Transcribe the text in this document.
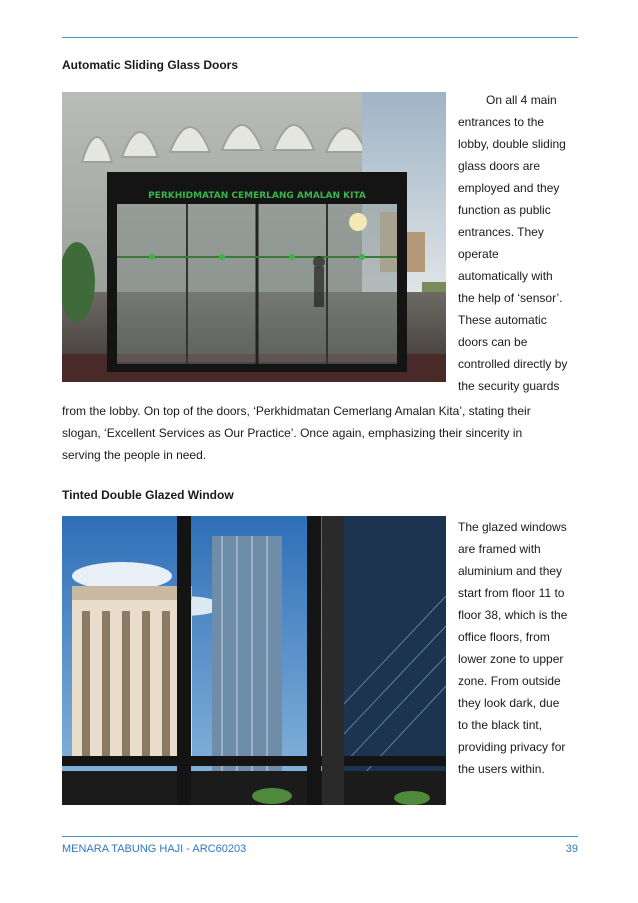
Automatic Sliding Glass Doors
PERKHIDMATAN CEMERLANG AMALAN KITA
On all 4 main
entrances to the
lobby, double sliding
glass doors are
employed and they
function as public
entrances. They
operate
automatically with
the help of ‘sensor’.
These automatic
doors can be
controlled directly by
the security guards
from the lobby. On top of the doors, ‘Perkhidmatan Cemerlang Amalan Kita’, stating their
slogan, ‘Excellent Services as Our Practice’. Once again, emphasizing their sincerity in
serving the people in need.
Tinted Double Glazed Window
The glazed windows
are framed with
aluminium and they
start from floor 11 to
floor 38, which is the
office floors, from
lower zone to upper
zone. From outside
they look dark, due
to the black tint,
providing privacy for
the users within.
MENARA TABUNG HAJI - ARC60203	39
